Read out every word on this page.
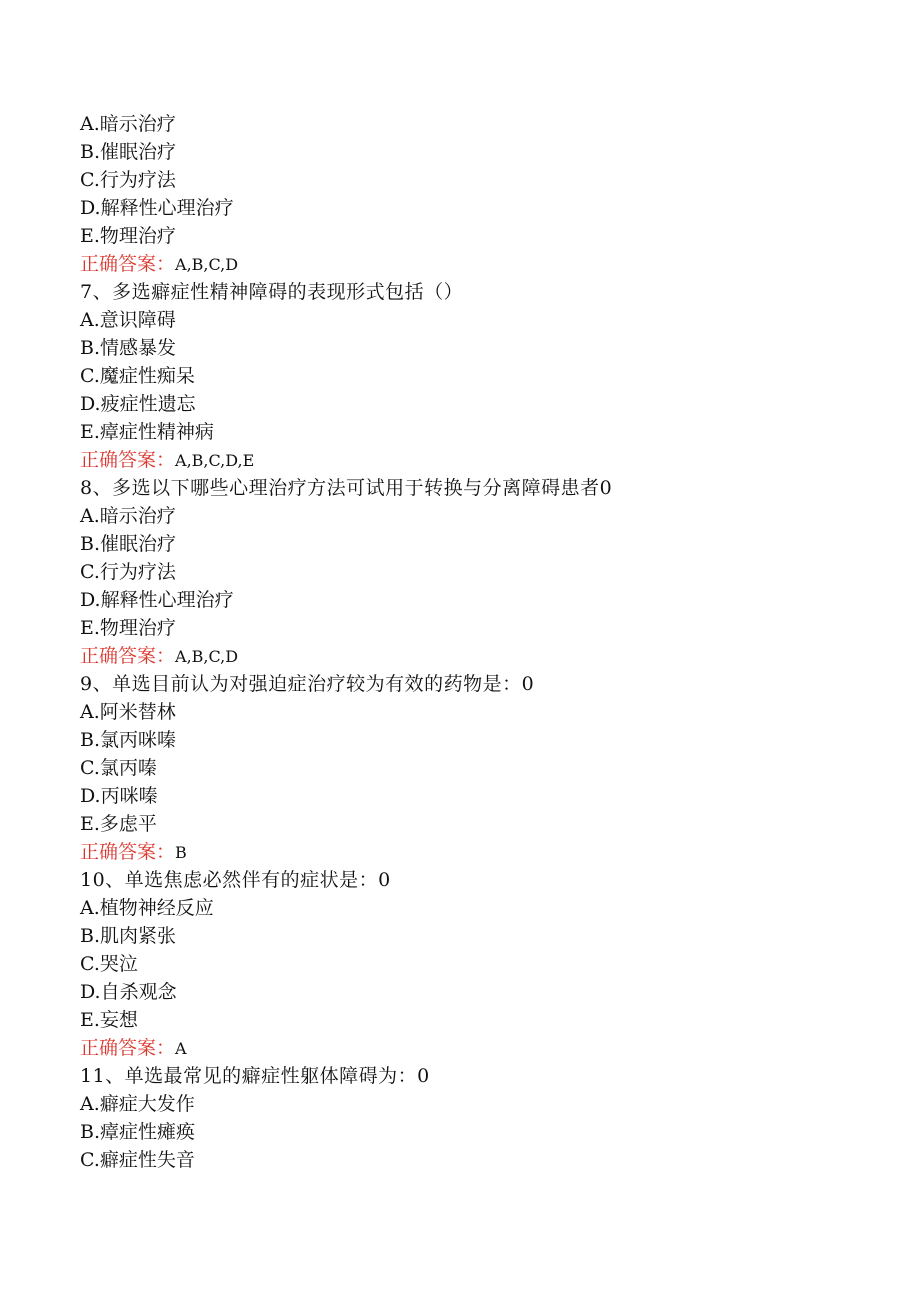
A.暗示治疗
B.催眠治疗
C.行为疗法
D.解释性心理治疗
E.物理治疗
正确答案：A,B,C,D
7、多选癖症性精神障碍的表现形式包括（）
A.意识障碍
B.情感暴发
C.魔症性痴呆
D.疲症性遗忘
E.瘴症性精神病
正确答案：A,B,C,D,E
8、多选以下哪些心理治疗方法可试用于转换与分离障碍患者0
A.暗示治疗
B.催眠治疗
C.行为疗法
D.解释性心理治疗
E.物理治疗
正确答案：A,B,C,D
9、单选目前认为对强迫症治疗较为有效的药物是：0
A.阿米替林
B.氯丙咪嗪
C.氯丙嗪
D.丙咪嗪
E.多虑平
正确答案：B
10、单选焦虑必然伴有的症状是：0
A.植物神经反应
B.肌肉紧张
C.哭泣
D.自杀观念
E.妄想
正确答案：A
11、单选最常见的癖症性躯体障碍为：0
A.癖症大发作
B.瘴症性瘫痪
C.癖症性失音
